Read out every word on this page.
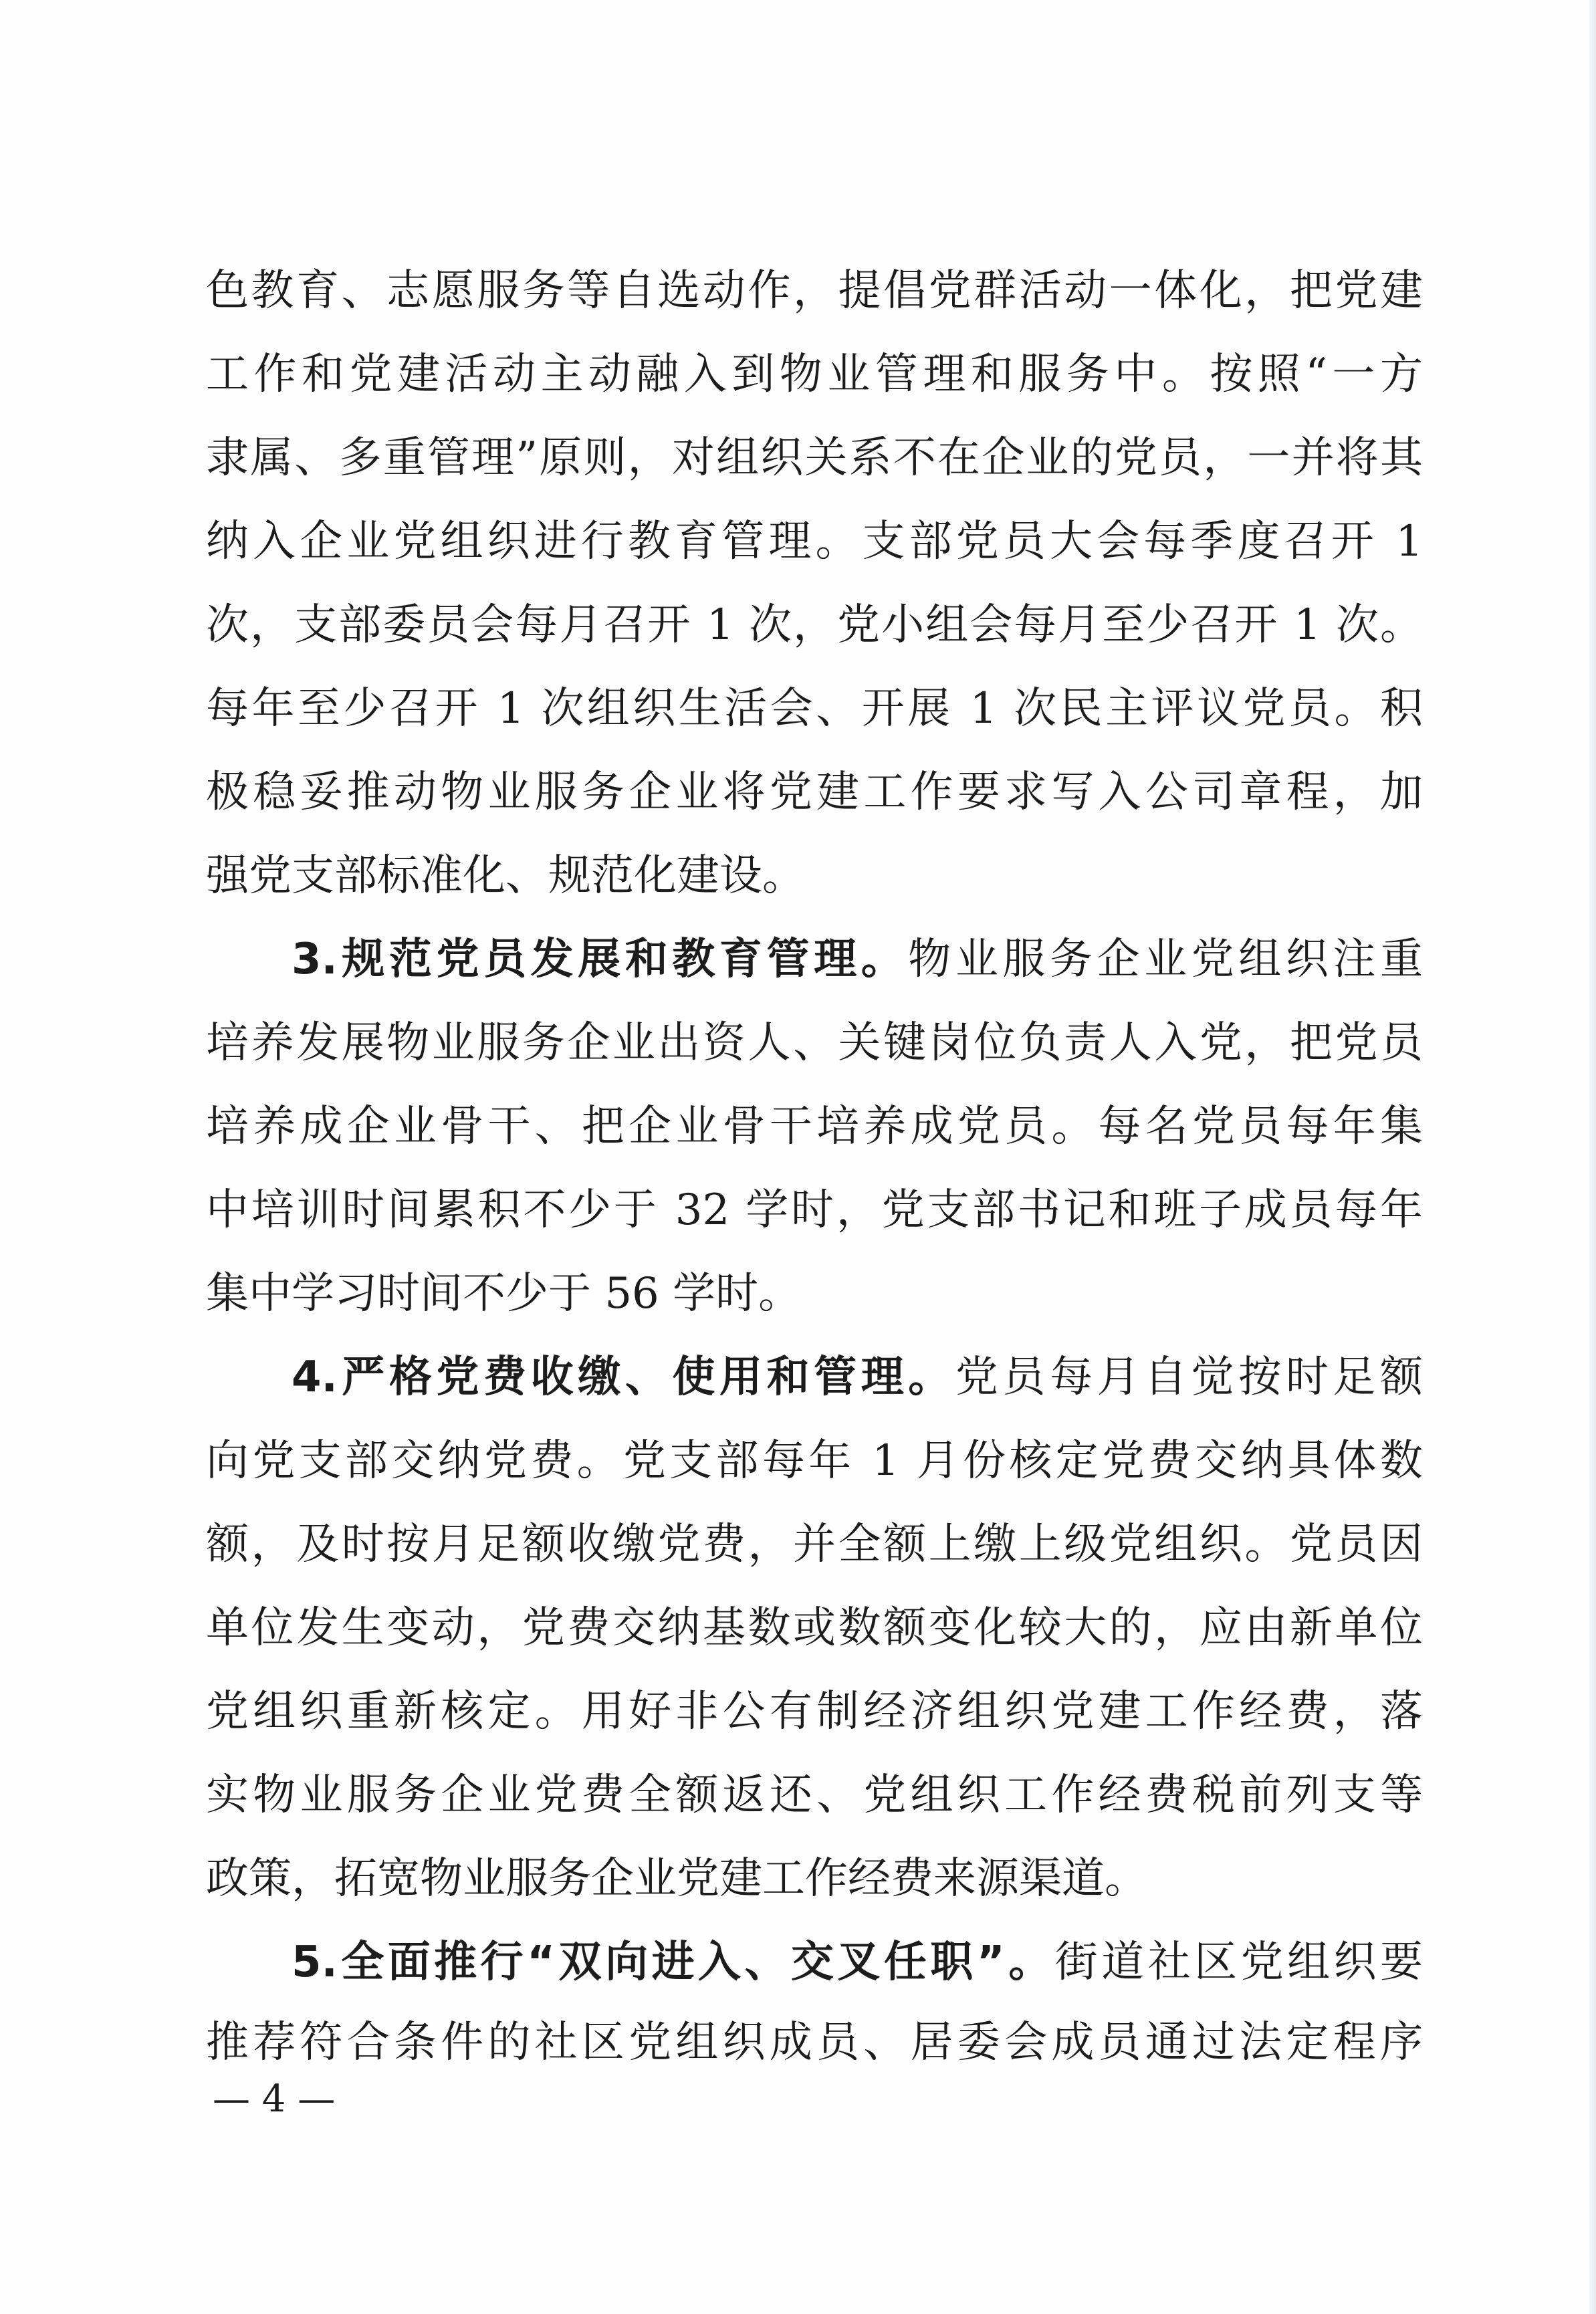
色教育、志愿服务等自选动作，提倡党群活动一体化，把党建
工作和党建活动主动融入到物业管理和服务中。按照“一方
隶属、多重管理”原则，对组织关系不在企业的党员，一并将其
纳入企业党组织进行教育管理。支部党员大会每季度召开 1
次，支部委员会每月召开 1 次，党小组会每月至少召开 1 次。
每年至少召开 1 次组织生活会、开展 1 次民主评议党员。积
极稳妥推动物业服务企业将党建工作要求写入公司章程，加
强党支部标准化、规范化建设。
3.规范党员发展和教育管理。物业服务企业党组织注重
培养发展物业服务企业出资人、关键岗位负责人入党，把党员
培养成企业骨干、把企业骨干培养成党员。每名党员每年集
中培训时间累积不少于 32 学时，党支部书记和班子成员每年
集中学习时间不少于 56 学时。
4.严格党费收缴、使用和管理。党员每月自觉按时足额
向党支部交纳党费。党支部每年 1 月份核定党费交纳具体数
额，及时按月足额收缴党费，并全额上缴上级党组织。党员因
单位发生变动，党费交纳基数或数额变化较大的，应由新单位
党组织重新核定。用好非公有制经济组织党建工作经费，落
实物业服务企业党费全额返还、党组织工作经费税前列支等
政策，拓宽物业服务企业党建工作经费来源渠道。
5.全面推行“双向进入、交叉任职”。街道社区党组织要
推荐符合条件的社区党组织成员、居委会成员通过法定程序
— 4 —
